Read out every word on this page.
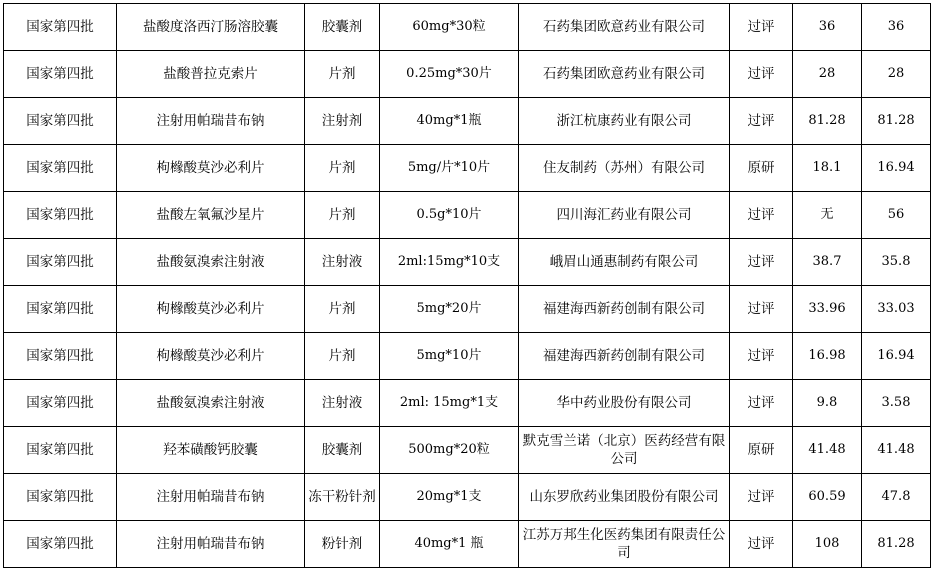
国家第四批	盐酸度洛西汀肠溶胶囊	胶囊剂	60mg*30粒	石药集团欧意药业有限公司	过评	36	36
国家第四批	盐酸普拉克索片	片剂	0.25mg*30片	石药集团欧意药业有限公司	过评	28	28
国家第四批	注射用帕瑞昔布钠	注射剂	40mg*1瓶	浙江杭康药业有限公司	过评	81.28	81.28
国家第四批	枸橼酸莫沙必利片	片剂	5mg/片*10片	住友制药（苏州）有限公司	原研	18.1	16.94
国家第四批	盐酸左氧氟沙星片	片剂	0.5g*10片	四川海汇药业有限公司	过评	无	56
国家第四批	盐酸氨溴索注射液	注射液	2ml:15mg*10支	峨眉山通惠制药有限公司	过评	38.7	35.8
国家第四批	枸橼酸莫沙必利片	片剂	5mg*20片	福建海西新药创制有限公司	过评	33.96	33.03
国家第四批	枸橼酸莫沙必利片	片剂	5mg*10片	福建海西新药创制有限公司	过评	16.98	16.94
国家第四批	盐酸氨溴索注射液	注射液	2ml: 15mg*1支	华中药业股份有限公司	过评	9.8	3.58
国家第四批	羟苯磺酸钙胶囊	胶囊剂	500mg*20粒	默克雪兰诺（北京）医药经营有限公司	原研	41.48	41.48
国家第四批	注射用帕瑞昔布钠	冻干粉针剂	20mg*1支	山东罗欣药业集团股份有限公司	过评	60.59	47.8
国家第四批	注射用帕瑞昔布钠	粉针剂	40mg*1 瓶	江苏万邦生化医药集团有限责任公司	过评	108	81.28
